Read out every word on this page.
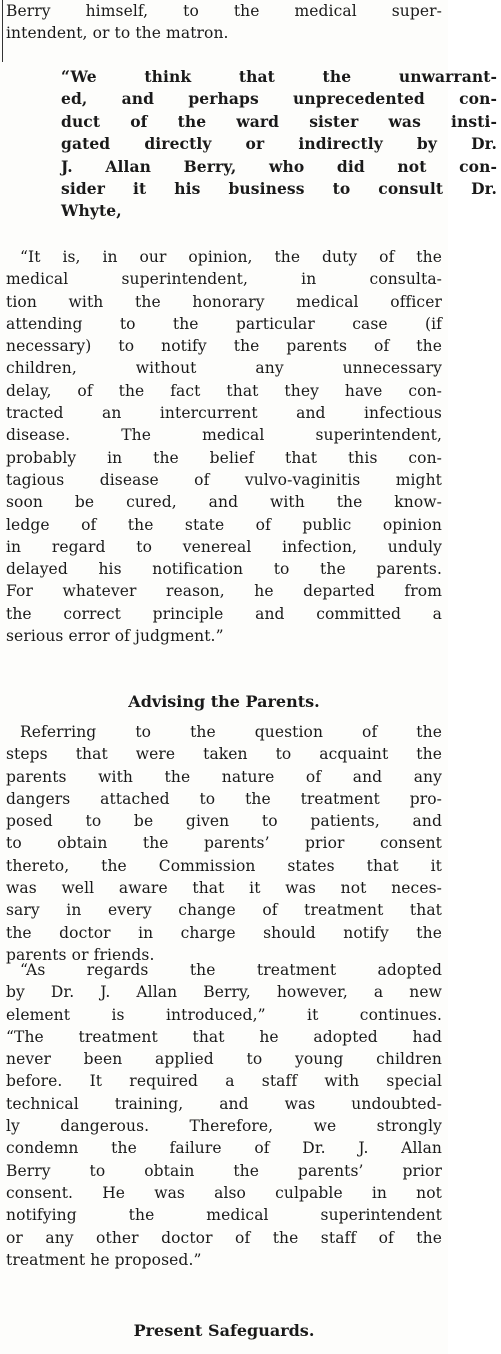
Berry himself, to the medical super-
intendent, or to the matron.
“We think that the unwarrant-
ed, and perhaps unprecedented con-
duct of the ward sister was insti-
gated directly or indirectly by Dr.
J. Allan Berry, who did not con-
sider it his business to consult Dr.
Whyte,
“It is, in our opinion, the duty of the
medical superintendent, in consulta-
tion with the honorary medical officer
attending to the particular case (if
necessary) to notify the parents of the
children, without any unnecessary
delay, of the fact that they have con-
tracted an intercurrent and infectious
disease. The medical superintendent,
probably in the belief that this con-
tagious disease of vulvo-vaginitis might
soon be cured, and with the know-
ledge of the state of public opinion
in regard to venereal infection, unduly
delayed his notification to the parents.
For whatever reason, he departed from
the correct principle and committed a
serious error of judgment.”
Advising the Parents.
Referring to the question of the
steps that were taken to acquaint the
parents with the nature of and any
dangers attached to the treatment pro-
posed to be given to patients, and
to obtain the parents’ prior consent
thereto, the Commission states that it
was well aware that it was not neces-
sary in every change of treatment that
the doctor in charge should notify the
parents or friends.
“As regards the treatment adopted
by Dr. J. Allan Berry, however, a new
element is introduced,” it continues.
“The treatment that he adopted had
never been applied to young children
before. It required a staff with special
technical training, and was undoubted-
ly dangerous. Therefore, we strongly
condemn the failure of Dr. J. Allan
Berry to obtain the parents’ prior
consent. He was also culpable in not
notifying the medical superintendent
or any other doctor of the staff of the
treatment he proposed.”
Present Safeguards.
